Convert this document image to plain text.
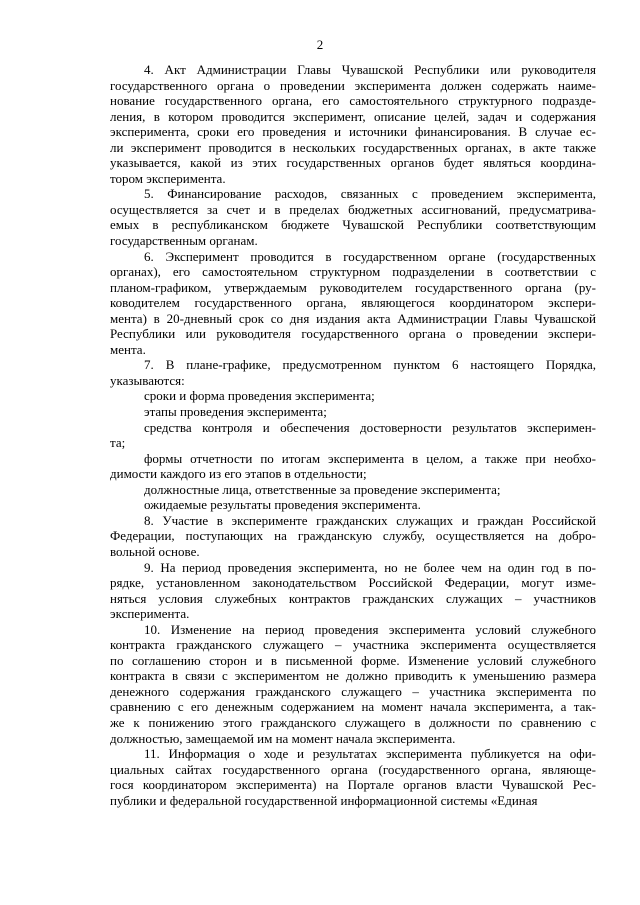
2
4. Акт Администрации Главы Чувашской Республики или руководителя
государственного органа о проведении эксперимента должен содержать наиме-
нование государственного органа, его самостоятельного структурного подразде-
ления, в котором проводится эксперимент, описание целей, задач и содержания
эксперимента, сроки его проведения и источники финансирования. В случае ес-
ли эксперимент проводится в нескольких государственных органах, в акте также
указывается, какой из этих государственных органов будет являться координа-
тором эксперимента.
5. Финансирование расходов, связанных с проведением эксперимента,
осуществляется за счет и в пределах бюджетных ассигнований, предусматрива-
емых в республиканском бюджете Чувашской Республики соответствующим
государственным органам.
6. Эксперимент проводится в государственном органе (государственных
органах), его самостоятельном структурном подразделении в соответствии с
планом-графиком, утверждаемым руководителем государственного органа (ру-
ководителем государственного органа, являющегося координатором экспери-
мента) в 20-дневный срок со дня издания акта Администрации Главы Чувашской
Республики или руководителя государственного органа о проведении экспери-
мента.
7. В плане-графике, предусмотренном пунктом 6 настоящего Порядка,
указываются:
сроки и форма проведения эксперимента;
этапы проведения эксперимента;
средства контроля и обеспечения достоверности результатов эксперимен-
та;
формы отчетности по итогам эксперимента в целом, а также при необхо-
димости каждого из его этапов в отдельности;
должностные лица, ответственные за проведение эксперимента;
ожидаемые результаты проведения эксперимента.
8. Участие в эксперименте гражданских служащих и граждан Российской
Федерации, поступающих на гражданскую службу, осуществляется на добро-
вольной основе.
9. На период проведения эксперимента, но не более чем на один год в по-
рядке, установленном законодательством Российской Федерации, могут изме-
няться условия служебных контрактов гражданских служащих – участников
эксперимента.
10. Изменение на период проведения эксперимента условий служебного
контракта гражданского служащего – участника эксперимента осуществляется
по соглашению сторон и в письменной форме. Изменение условий служебного
контракта в связи с экспериментом не должно приводить к уменьшению размера
денежного содержания гражданского служащего – участника эксперимента по
сравнению с его денежным содержанием на момент начала эксперимента, а так-
же к понижению этого гражданского служащего в должности по сравнению с
должностью, замещаемой им на момент начала эксперимента.
11. Информация о ходе и результатах эксперимента публикуется на офи-
циальных сайтах государственного органа (государственного органа, являюще-
гося координатором эксперимента) на Портале органов власти Чувашской Рес-
публики и федеральной государственной информационной системы «Единая
